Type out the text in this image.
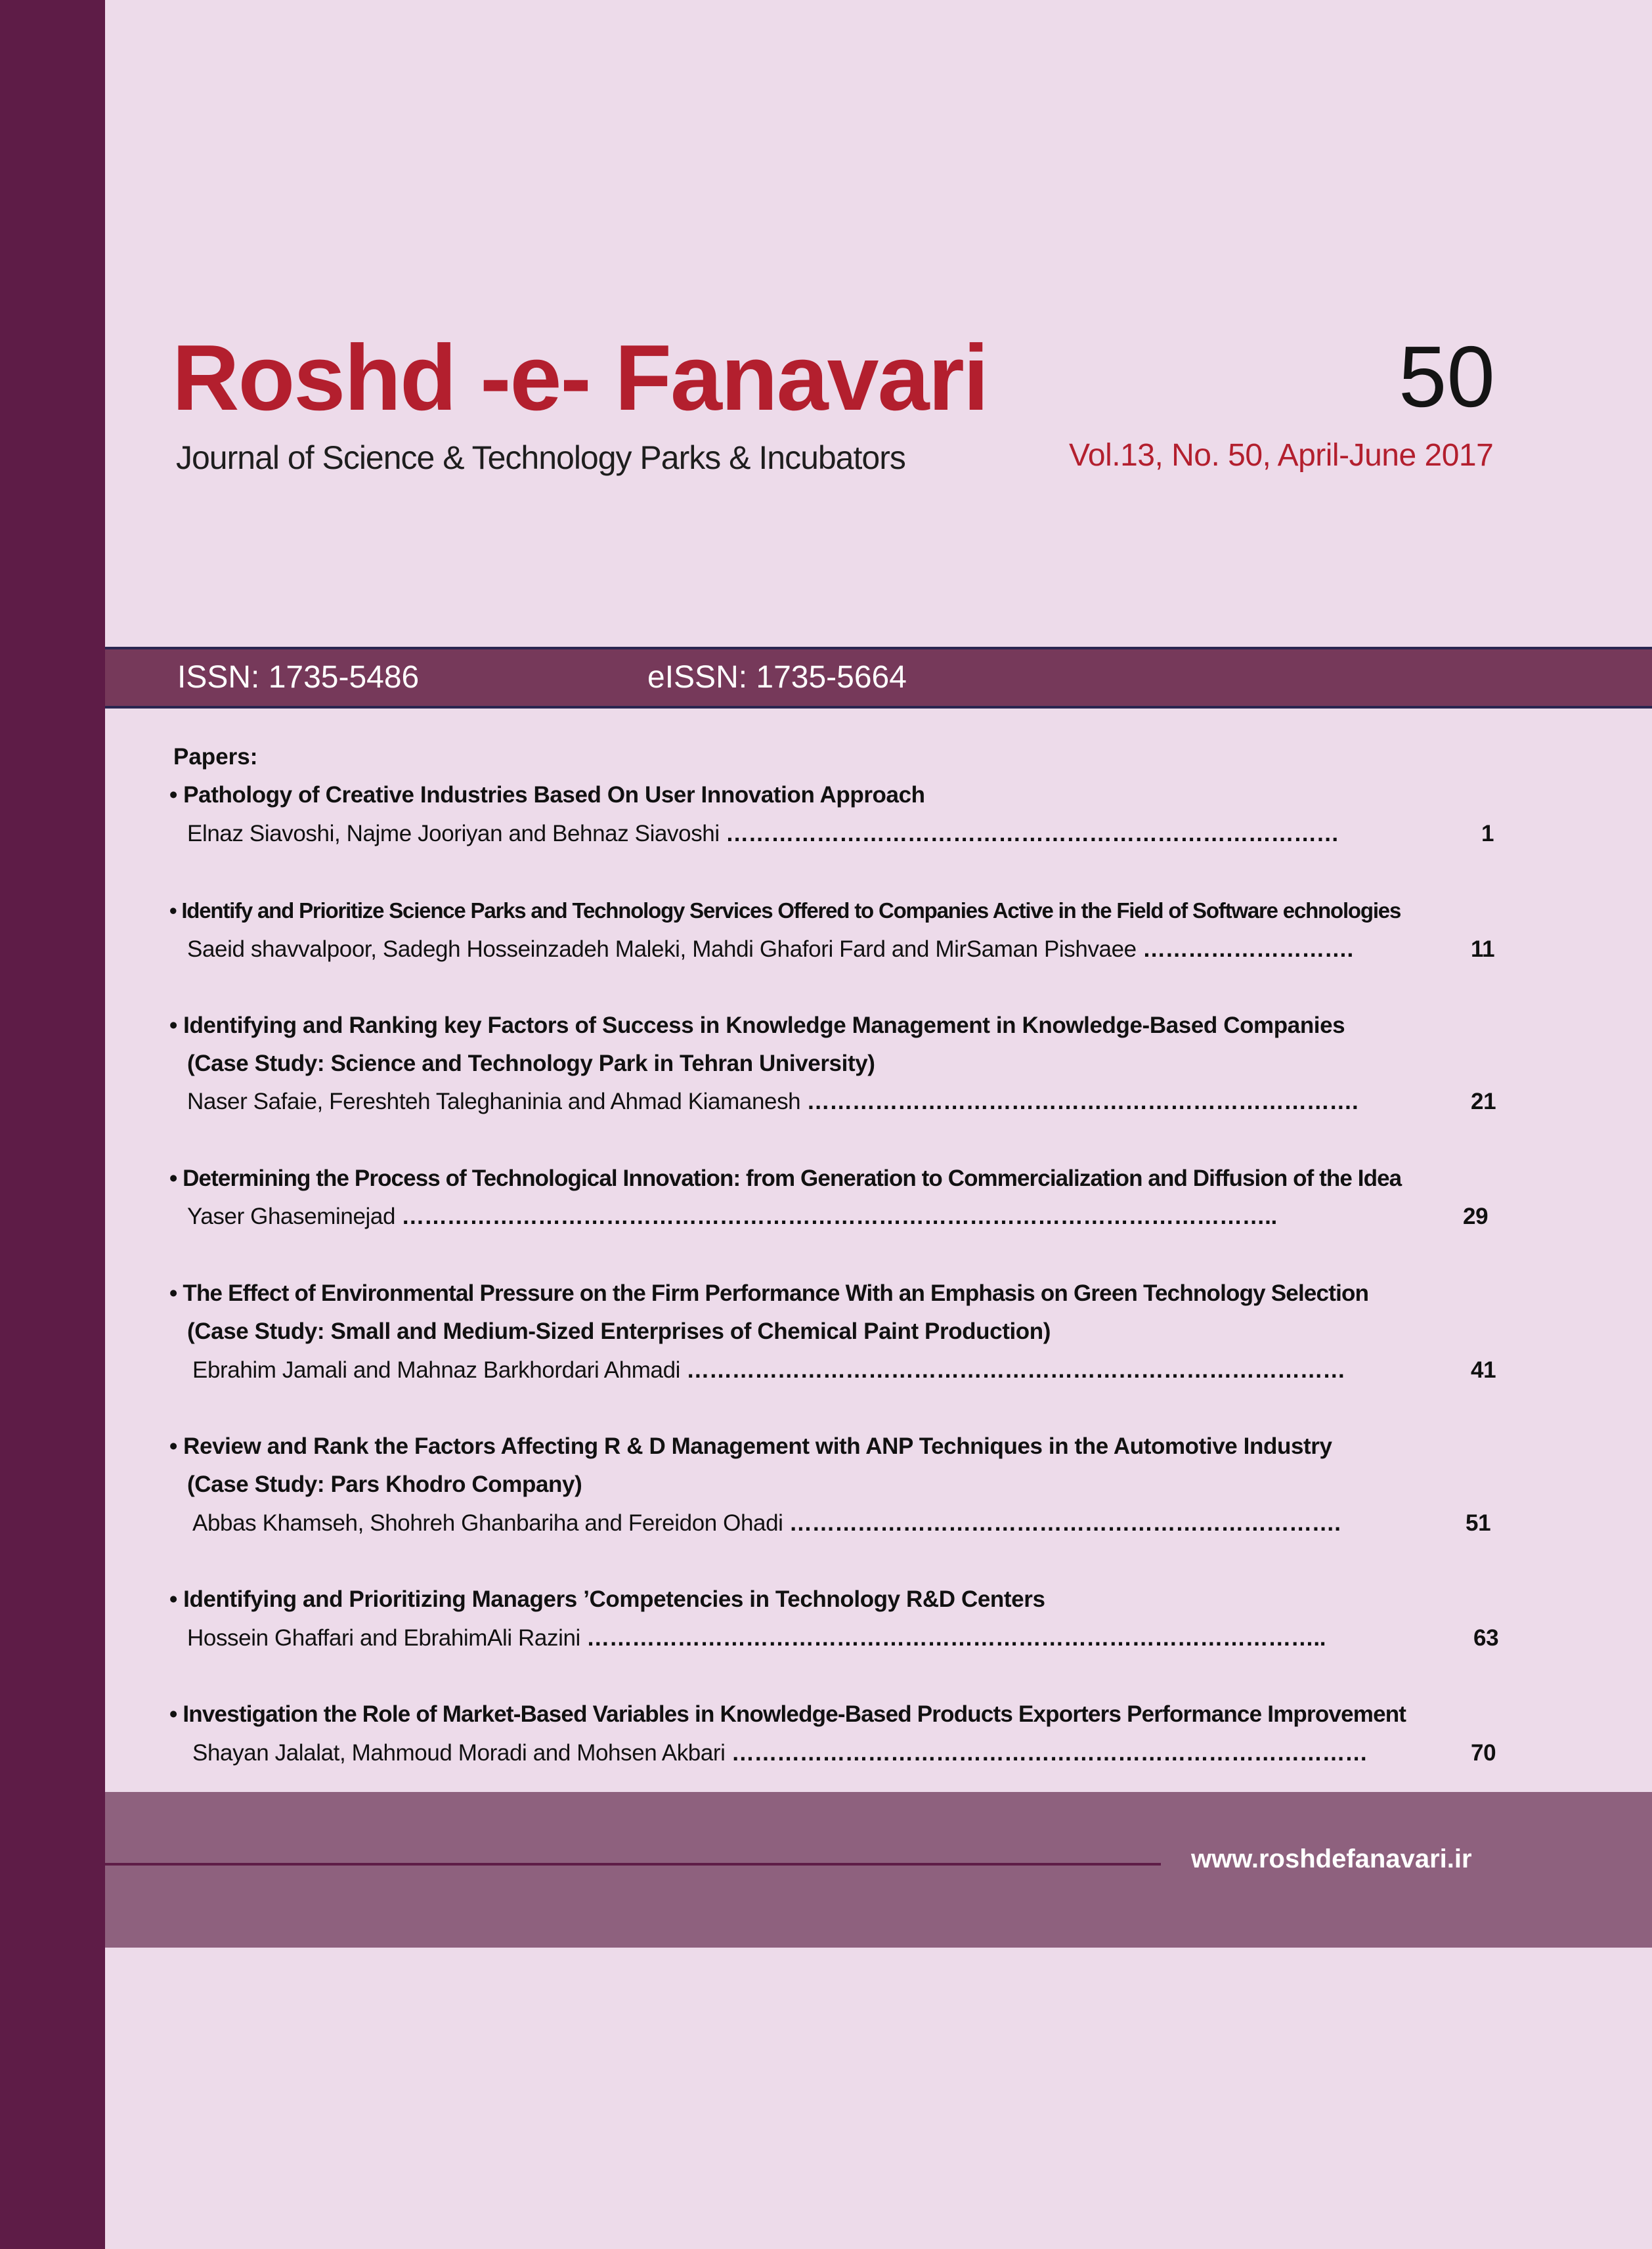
Roshd -e- Fanavari
Journal of Science & Technology Parks & Incubators
50
Vol.13, No. 50, April-June 2017
ISSN: 1735-5486	eISSN: 1735-5664
Papers:
• Pathology of Creative Industries Based On User Innovation Approach
Elnaz Siavoshi, Najme Jooriyan and Behnaz Siavoshi ………………………………………………………………………	1
• Identify and Prioritize Science Parks and Technology Services Offered to Companies Active in the Field of Software echnologies
Saeid shavvalpoor, Sadegh Hosseinzadeh Maleki, Mahdi Ghafori Fard and MirSaman Pishvaee ……………………….	11
• Identifying and Ranking key Factors of Success in Knowledge Management in Knowledge-Based Companies
(Case Study: Science and Technology Park in Tehran University)
Naser Safaie, Fereshteh Taleghaninia and Ahmad Kiamanesh ……………………………………………………………….	21
• Determining the Process of Technological Innovation: from Generation to Commercialization and Diffusion of the Idea
Yaser Ghaseminejad ……………………………………………………………………………………………………..	29
• The Effect of Environmental Pressure on the Firm Performance With an Emphasis on Green Technology Selection
(Case Study: Small and Medium-Sized Enterprises of Chemical Paint Production)
Ebrahim Jamali and Mahnaz Barkhordari Ahmadi ……………………………………………………………………………	41
• Review and Rank the Factors Affecting R & D Management with ANP Techniques in the Automotive Industry
(Case Study: Pars Khodro Company)
Abbas Khamseh, Shohreh Ghanbariha and Fereidon Ohadi ……………………………………………………………….	51
• Identifying and Prioritizing Managers ’Competencies in Technology R&D Centers
Hossein Ghaffari and EbrahimAli Razini ……………………………………………………………………………………..	63
• Investigation the Role of Market-Based Variables in Knowledge-Based Products Exporters Performance Improvement
Shayan Jalalat, Mahmoud Moradi and Mohsen Akbari …………………………………………………………………………	70
www.roshdefanavari.ir
